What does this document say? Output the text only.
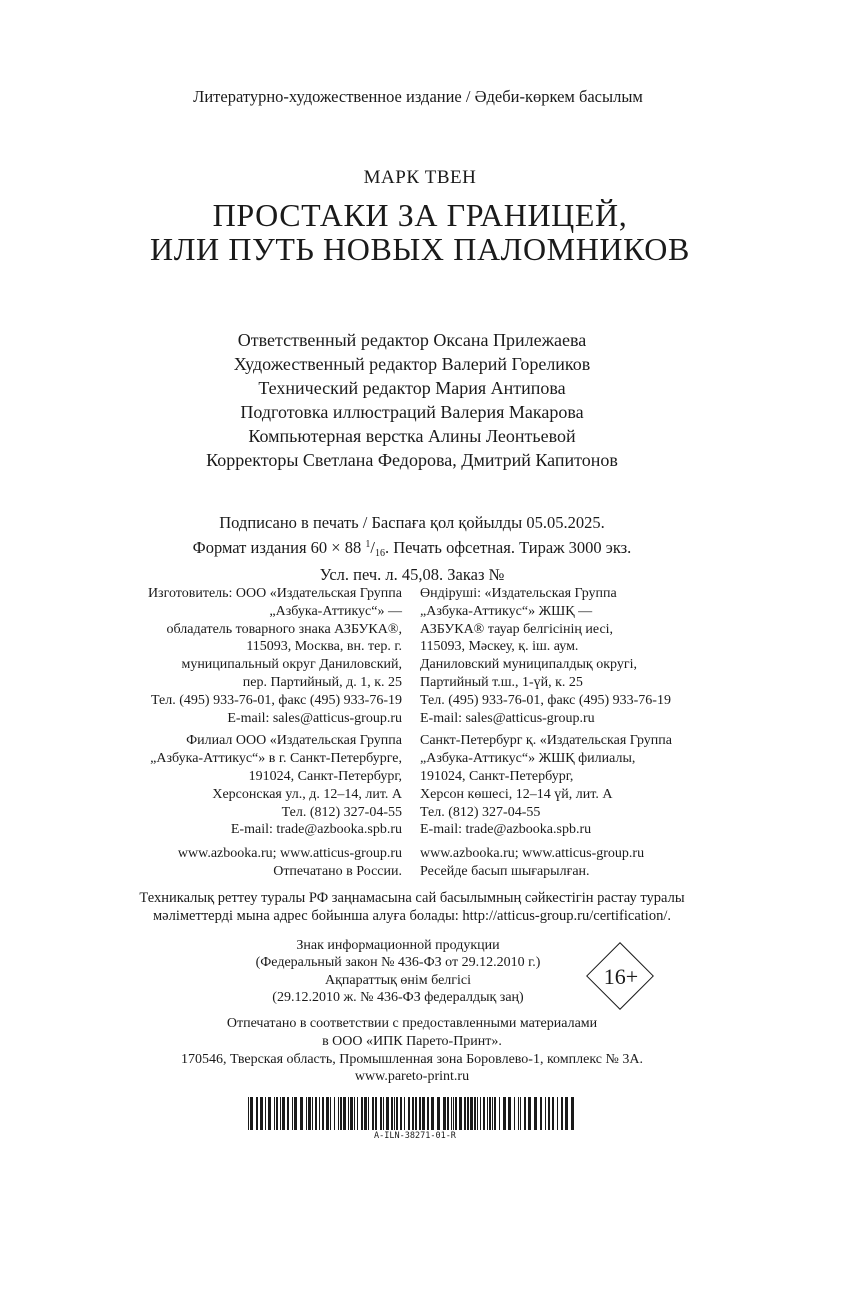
Литературно-художественное издание / Әдеби-көркем басылым
МАРК ТВЕН
ПРОСТАКИ ЗА ГРАНИЦЕЙ,
ИЛИ ПУТЬ НОВЫХ ПАЛОМНИКОВ
Ответственный редактор Оксана Прилежаева
Художественный редактор Валерий Гореликов
Технический редактор Мария Антипова
Подготовка иллюстраций Валерия Макарова
Компьютерная верстка Алины Леонтьевой
Корректоры Светлана Федорова, Дмитрий Капитонов
Подписано в печать / Баспаға қол қойылды 05.05.2025.
Формат издания 60 × 88 $^1/_{16}$. Печать офсетная. Тираж 3000 экз.
Усл. печ. л. 45,08. Заказ №
Изготовитель: ООО «Издательская Группа
„Азбука-Аттикус“» —
обладатель товарного знака АЗБУКА®,
115093, Москва, вн. тер. г.
муниципальный округ Даниловский,
пер. Партийный, д. 1, к. 25
Тел. (495) 933-76-01, факс (495) 933-76-19
E-mail: sales@atticus-group.ru
Филиал ООО «Издательская Группа
„Азбука-Аттикус“» в г. Санкт-Петербурге,
191024, Санкт-Петербург,
Херсонская ул., д. 12–14, лит. А
Тел. (812) 327-04-55
E-mail: trade@azbooka.spb.ru
www.azbooka.ru; www.atticus-group.ru
Отпечатано в России.
Өндіруші: «Издательская Группа
„Азбука-Аттикус“» ЖШҚ —
АЗБУКА® тауар белгісінің иесі,
115093, Мәскеу, қ. іш. аум.
Даниловский муниципалдық округі,
Партийный т.ш., 1-үй, к. 25
Тел. (495) 933-76-01, факс (495) 933-76-19
E-mail: sales@atticus-group.ru
Санкт-Петербург қ. «Издательская Группа
„Азбука-Аттикус“» ЖШҚ филиалы,
191024, Санкт-Петербург,
Херсон көшесі, 12–14 үй, лит. А
Тел. (812) 327-04-55
E-mail: trade@azbooka.spb.ru
www.azbooka.ru; www.atticus-group.ru
Ресейде басып шығарылған.
Техникалық реттеу туралы РФ заңнамасына сай басылымның сәйкестігін растау туралы
мәліметтерді мына адрес бойынша алуға болады: http://atticus-group.ru/certification/.
Знак информационной продукции
(Федеральный закон № 436-ФЗ от 29.12.2010 г.)
Ақпараттық өнім белгісі
(29.12.2010 ж. № 436-ФЗ федералдық заң)
16+
Отпечатано в соответствии с предоставленными материалами
в ООО «ИПК Парето-Принт».
170546, Тверская область, Промышленная зона Боровлево-1, комплекс № 3А.
www.pareto-print.ru
A-ILN-38271-01-R
